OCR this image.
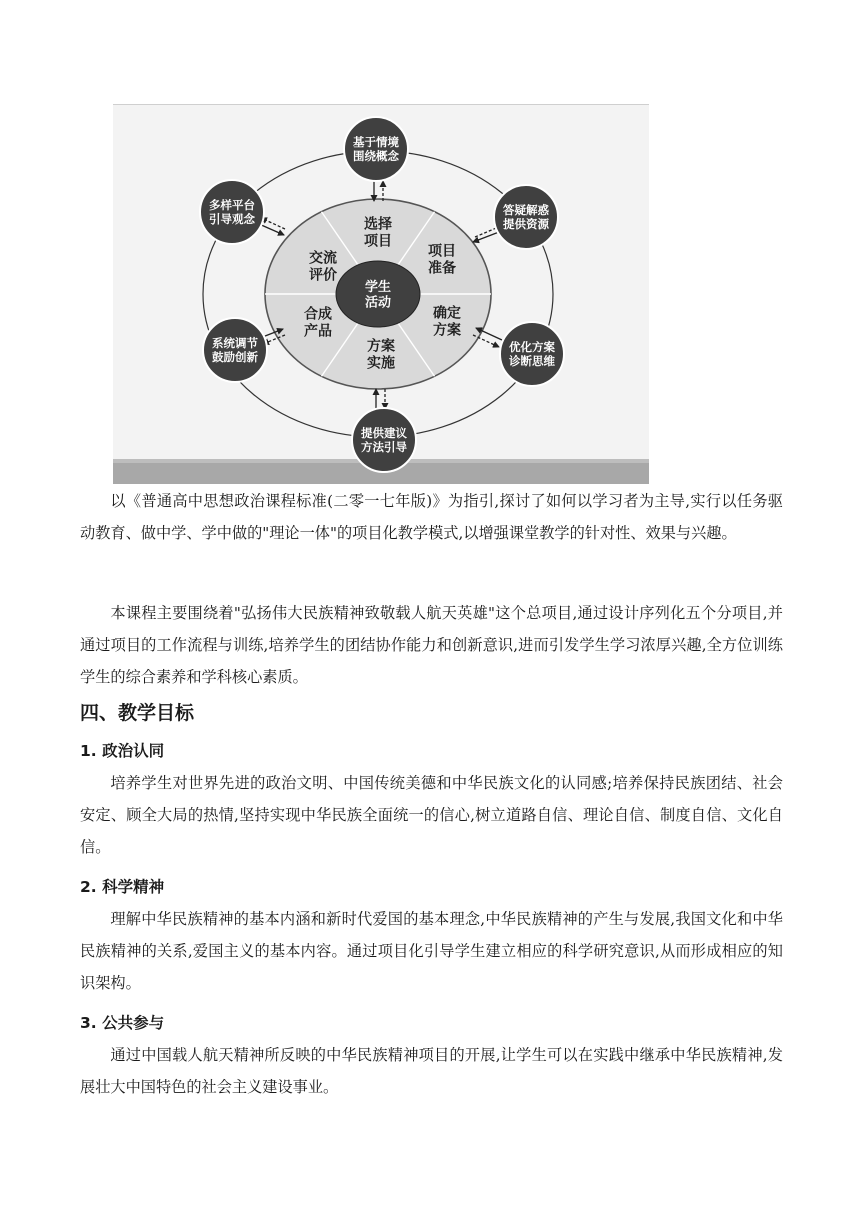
选择项目
项目准备
确定方案
方案实施
合成产品
交流评价
学生活动
基于情境围绕概念
答疑解惑提供资源
优化方案诊断思维
提供建议方法引导
系统调节鼓励创新
多样平台引导观念

以《普通高中思想政治课程标准(二零一七年版)》为指引,探讨了如何以学习者为主导,实行以任务驱动教育、做中学、学中做的"理论一体"的项目化教学模式,以增强课堂教学的针对性、效果与兴趣。

本课程主要围绕着"弘扬伟大民族精神致敬载人航天英雄"这个总项目,通过设计序列化五个分项目,并通过项目的工作流程与训练,培养学生的团结协作能力和创新意识,进而引发学生学习浓厚兴趣,全方位训练学生的综合素养和学科核心素质。

四、教学目标
1. 政治认同

培养学生对世界先进的政治文明、中国传统美德和中华民族文化的认同感;培养保持民族团结、社会安定、顾全大局的热情,坚持实现中华民族全面统一的信心,树立道路自信、理论自信、制度自信、文化自信。

2. 科学精神

理解中华民族精神的基本内涵和新时代爱国的基本理念,中华民族精神的产生与发展,我国文化和中华民族精神的关系,爱国主义的基本内容。通过项目化引导学生建立相应的科学研究意识,从而形成相应的知识架构。

3. 公共参与

通过中国载人航天精神所反映的中华民族精神项目的开展,让学生可以在实践中继承中华民族精神,发展壮大中国特色的社会主义建设事业。
